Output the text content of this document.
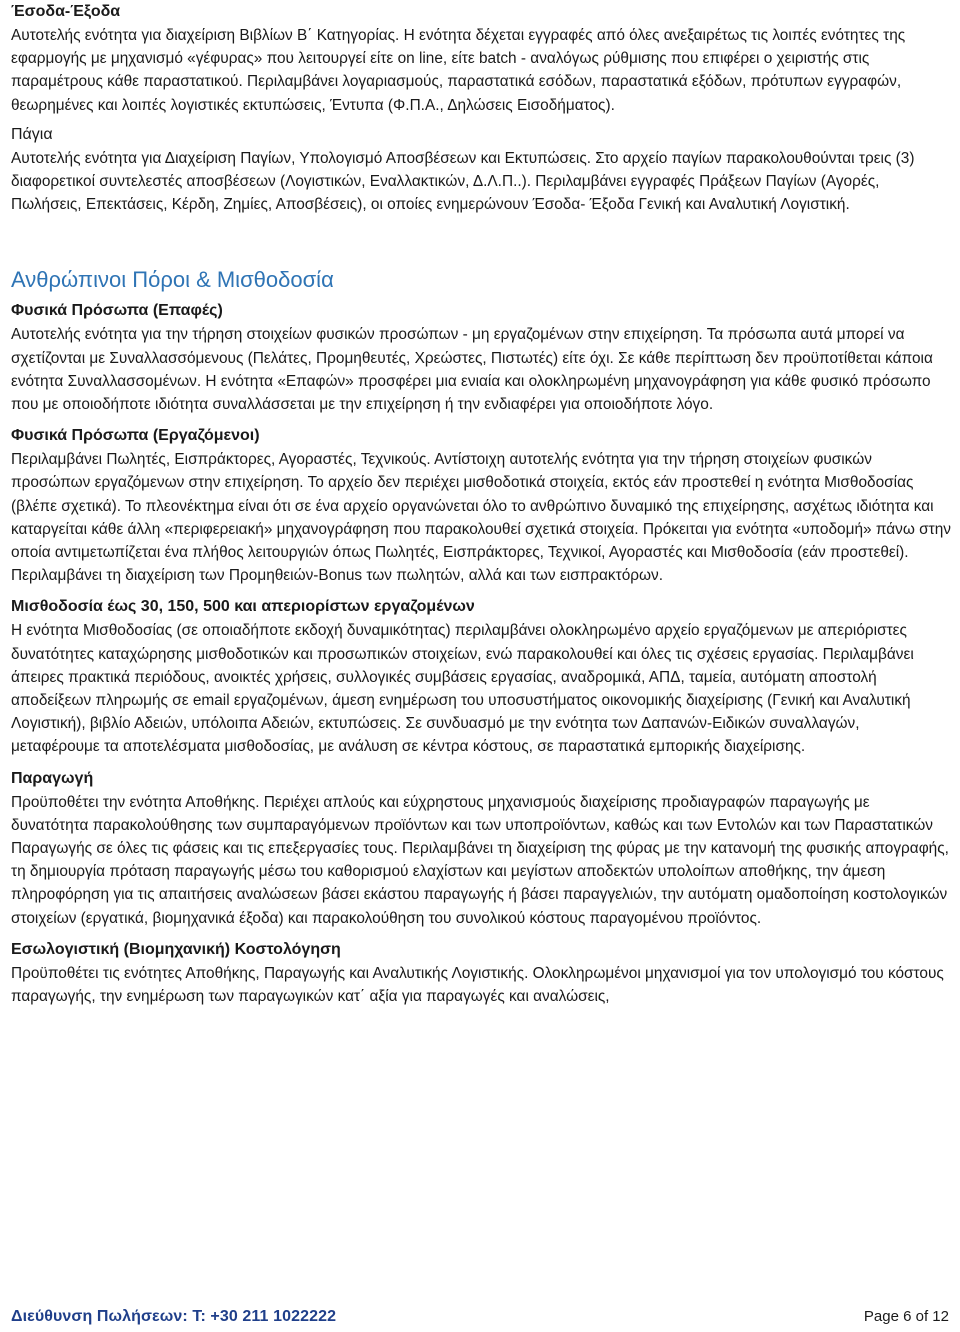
Έσοδα-Έξοδα

Αυτοτελής ενότητα για διαχείριση Βιβλίων Β΄ Κατηγορίας. Η ενότητα δέχεται εγγραφές από όλες ανεξαιρέτως τις λοιπές ενότητες της εφαρμογής με μηχανισμό «γέφυρας» που λειτουργεί είτε on line, είτε batch - αναλόγως ρύθμισης που επιφέρει ο χειριστής στις παραμέτρους κάθε παραστατικού. Περιλαμβάνει λογαριασμούς, παραστατικά εσόδων, παραστατικά εξόδων, πρότυπων εγγραφών, θεωρημένες και λοιπές λογιστικές εκτυπώσεις, Έντυπα (Φ.Π.Α., Δηλώσεις Εισοδήματος).

Πάγια

Αυτοτελής ενότητα για Διαχείριση Παγίων, Υπολογισμό Αποσβέσεων και Εκτυπώσεις. Στο αρχείο παγίων παρακολουθούνται τρεις (3) διαφορετικοί συντελεστές αποσβέσεων (Λογιστικών, Εναλλακτικών, Δ.Λ.Π..). Περιλαμβάνει εγγραφές Πράξεων Παγίων (Αγορές, Πωλήσεις, Επεκτάσεις, Κέρδη, Ζημίες, Αποσβέσεις), οι οποίες ενημερώνουν Έσοδα- Έξοδα Γενική και Αναλυτική Λογιστική.

Ανθρώπινοι Πόροι & Μισθοδοσία

Φυσικά Πρόσωπα (Επαφές)

Αυτοτελής ενότητα για την τήρηση στοιχείων φυσικών προσώπων - μη εργαζομένων στην επιχείρηση. Τα πρόσωπα αυτά μπορεί να σχετίζονται με Συναλλασσόμενους (Πελάτες, Προμηθευτές, Χρεώστες, Πιστωτές) είτε όχι. Σε κάθε περίπτωση δεν προϋποτίθεται κάποια ενότητα Συναλλασσομένων. Η ενότητα «Επαφών» προσφέρει μια ενιαία και ολοκληρωμένη μηχανογράφηση για κάθε φυσικό πρόσωπο που με οποιοδήποτε ιδιότητα συναλλάσσεται με την επιχείρηση ή την ενδιαφέρει για οποιοδήποτε λόγο.

Φυσικά Πρόσωπα (Εργαζόμενοι)

Περιλαμβάνει Πωλητές, Εισπράκτορες, Αγοραστές, Τεχνικούς. Αντίστοιχη αυτοτελής ενότητα για την τήρηση στοιχείων φυσικών προσώπων εργαζόμενων στην επιχείρηση. Το αρχείο δεν περιέχει μισθοδοτικά στοιχεία, εκτός εάν προστεθεί η ενότητα Μισθοδοσίας (βλέπε σχετικά). Το πλεονέκτημα είναι ότι σε ένα αρχείο οργανώνεται όλο το ανθρώπινο δυναμικό της επιχείρησης, ασχέτως ιδιότητα και καταργείται κάθε άλλη «περιφερειακή» μηχανογράφηση που παρακολουθεί σχετικά στοιχεία. Πρόκειται για ενότητα «υποδομή» πάνω στην οποία αντιμετωπίζεται ένα πλήθος λειτουργιών όπως Πωλητές, Εισπράκτορες, Τεχνικοί, Αγοραστές και Μισθοδοσία (εάν προστεθεί). Περιλαμβάνει τη διαχείριση των Προμηθειών-Bonus των πωλητών, αλλά και των εισπρακτόρων.

Μισθοδοσία έως 30, 150, 500 και απεριορίστων εργαζομένων

Η ενότητα Μισθοδοσίας (σε οποιαδήποτε εκδοχή δυναμικότητας) περιλαμβάνει ολοκληρωμένο αρχείο εργαζόμενων με απεριόριστες δυνατότητες καταχώρησης μισθοδοτικών και προσωπικών στοιχείων, ενώ παρακολουθεί και όλες τις σχέσεις εργασίας. Περιλαμβάνει άπειρες πρακτικά περιόδους, ανοικτές χρήσεις, συλλογικές συμβάσεις εργασίας, αναδρομικά, ΑΠΔ, ταμεία, αυτόματη αποστολή αποδείξεων πληρωμής σε email εργαζομένων, άμεση ενημέρωση του υποσυστήματος οικονομικής διαχείρισης (Γενική και Αναλυτική Λογιστική), βιβλίο Αδειών, υπόλοιπα Αδειών, εκτυπώσεις. Σε συνδυασμό με την ενότητα των Δαπανών-Ειδικών συναλλαγών, μεταφέρουμε τα αποτελέσματα μισθοδοσίας, με ανάλυση σε κέντρα κόστους, σε παραστατικά εμπορικής διαχείρισης.

Παραγωγή

Προϋποθέτει την ενότητα Αποθήκης. Περιέχει απλούς και εύχρηστους μηχανισμούς διαχείρισης προδιαγραφών παραγωγής με δυνατότητα παρακολούθησης των συμπαραγόμενων προϊόντων και των υποπροϊόντων, καθώς και των Εντολών και των Παραστατικών Παραγωγής σε όλες τις φάσεις και τις επεξεργασίες τους. Περιλαμβάνει τη διαχείριση της φύρας με την κατανομή της φυσικής απογραφής, τη δημιουργία πρόταση παραγωγής μέσω του καθορισμού ελαχίστων και μεγίστων αποδεκτών υπολοίπων αποθήκης, την άμεση πληροφόρηση για τις απαιτήσεις αναλώσεων βάσει εκάστου παραγωγής ή βάσει παραγγελιών, την αυτόματη ομαδοποίηση κοστολογικών στοιχείων (εργατικά, βιομηχανικά έξοδα) και παρακολούθηση του συνολικού κόστους παραγομένου προϊόντος.

Εσωλογιστική (Βιομηχανική) Κοστολόγηση

Προϋποθέτει τις ενότητες Αποθήκης, Παραγωγής και Αναλυτικής Λογιστικής. Ολοκληρωμένοι μηχανισμοί για τον υπολογισμό του κόστους παραγωγής, την ενημέρωση των παραγωγικών κατ΄ αξία για παραγωγές και αναλώσεις,

Διεύθυνση Πωλήσεων: Τ: +30 211 1022222	Page 6 of 12
